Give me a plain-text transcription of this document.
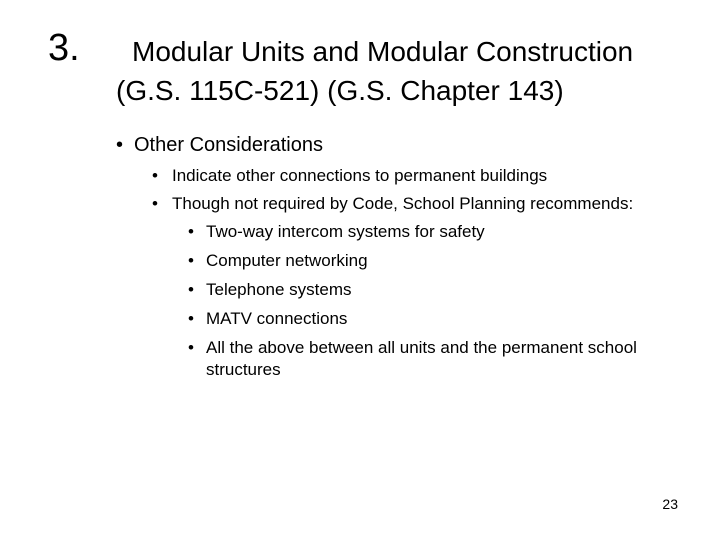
3.	Modular Units and Modular Construction
(G.S. 115C-521) (G.S. Chapter 143)
• Other Considerations
• Indicate other connections to permanent buildings
• Though not required by Code, School Planning recommends:
• Two-way intercom systems for safety
• Computer networking
• Telephone systems
• MATV connections
• All the above between all units and the permanent school structures
23
